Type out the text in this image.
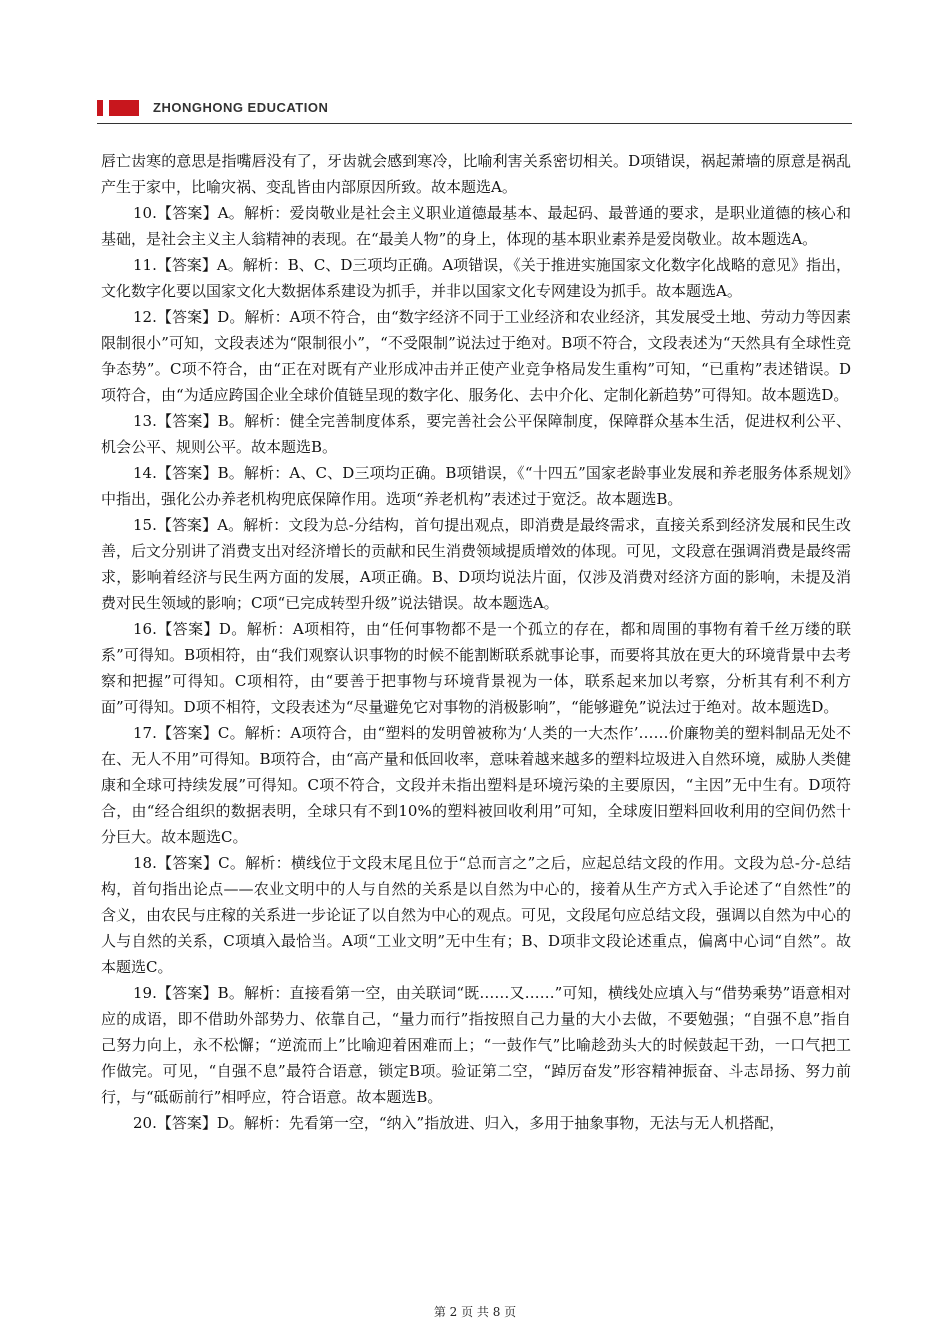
ZHONGHONG EDUCATION

唇亡齿寒的意思是指嘴唇没有了，牙齿就会感到寒冷，比喻利害关系密切相关。D项错误，祸起萧墙的原意是祸乱产生于家中，比喻灾祸、变乱皆由内部原因所致。故本题选A。

10.【答案】A。解析：爱岗敬业是社会主义职业道德最基本、最起码、最普通的要求，是职业道德的核心和基础，是社会主义主人翁精神的表现。在“最美人物”的身上，体现的基本职业素养是爱岗敬业。故本题选A。

11.【答案】A。解析：B、C、D三项均正确。A项错误，《关于推进实施国家文化数字化战略的意见》指出，文化数字化要以国家文化大数据体系建设为抓手，并非以国家文化专网建设为抓手。故本题选A。

12.【答案】D。解析：A项不符合，由“数字经济不同于工业经济和农业经济，其发展受土地、劳动力等因素限制很小”可知，文段表述为“限制很小”，“不受限制”说法过于绝对。B项不符合，文段表述为“天然具有全球性竞争态势”。C项不符合，由“正在对既有产业形成冲击并正使产业竞争格局发生重构”可知，“已重构”表述错误。D项符合，由“为适应跨国企业全球价值链呈现的数字化、服务化、去中介化、定制化新趋势”可得知。故本题选D。

13.【答案】B。解析：健全完善制度体系，要完善社会公平保障制度，保障群众基本生活，促进权利公平、机会公平、规则公平。故本题选B。

14.【答案】B。解析：A、C、D三项均正确。B项错误，《“十四五”国家老龄事业发展和养老服务体系规划》中指出，强化公办养老机构兜底保障作用。选项“养老机构”表述过于宽泛。故本题选B。

15.【答案】A。解析：文段为总-分结构，首句提出观点，即消费是最终需求，直接关系到经济发展和民生改善，后文分别讲了消费支出对经济增长的贡献和民生消费领域提质增效的体现。可见，文段意在强调消费是最终需求，影响着经济与民生两方面的发展，A项正确。B、D项均说法片面，仅涉及消费对经济方面的影响，未提及消费对民生领域的影响；C项“已完成转型升级”说法错误。故本题选A。

16.【答案】D。解析：A项相符，由“任何事物都不是一个孤立的存在，都和周围的事物有着千丝万缕的联系”可得知。B项相符，由“我们观察认识事物的时候不能割断联系就事论事，而要将其放在更大的环境背景中去考察和把握”可得知。C项相符，由“要善于把事物与环境背景视为一体，联系起来加以考察，分析其有利不利方面”可得知。D项不相符，文段表述为“尽量避免它对事物的消极影响”，“能够避免”说法过于绝对。故本题选D。

17.【答案】C。解析：A项符合，由“塑料的发明曾被称为‘人类的一大杰作’……价廉物美的塑料制品无处不在、无人不用”可得知。B项符合，由“高产量和低回收率，意味着越来越多的塑料垃圾进入自然环境，威胁人类健康和全球可持续发展”可得知。C项不符合，文段并未指出塑料是环境污染的主要原因，“主因”无中生有。D项符合，由“经合组织的数据表明，全球只有不到10%的塑料被回收利用”可知，全球废旧塑料回收利用的空间仍然十分巨大。故本题选C。

18.【答案】C。解析：横线位于文段末尾且位于“总而言之”之后，应起总结文段的作用。文段为总-分-总结构，首句指出论点——农业文明中的人与自然的关系是以自然为中心的，接着从生产方式入手论述了“自然性”的含义，由农民与庄稼的关系进一步论证了以自然为中心的观点。可见，文段尾句应总结文段，强调以自然为中心的人与自然的关系，C项填入最恰当。A项“工业文明”无中生有；B、D项非文段论述重点，偏离中心词“自然”。故本题选C。

19.【答案】B。解析：直接看第一空，由关联词“既……又……”可知，横线处应填入与“借势乘势”语意相对应的成语，即不借助外部势力、依靠自己，“量力而行”指按照自己力量的大小去做，不要勉强；“自强不息”指自己努力向上，永不松懈；“逆流而上”比喻迎着困难而上；“一鼓作气”比喻趁劲头大的时候鼓起干劲，一口气把工作做完。可见，“自强不息”最符合语意，锁定B项。验证第二空，“踔厉奋发”形容精神振奋、斗志昂扬、努力前行，与“砥砺前行”相呼应，符合语意。故本题选B。

20.【答案】D。解析：先看第一空，“纳入”指放进、归入，多用于抽象事物，无法与无人机搭配，

第 2 页 共 8 页
